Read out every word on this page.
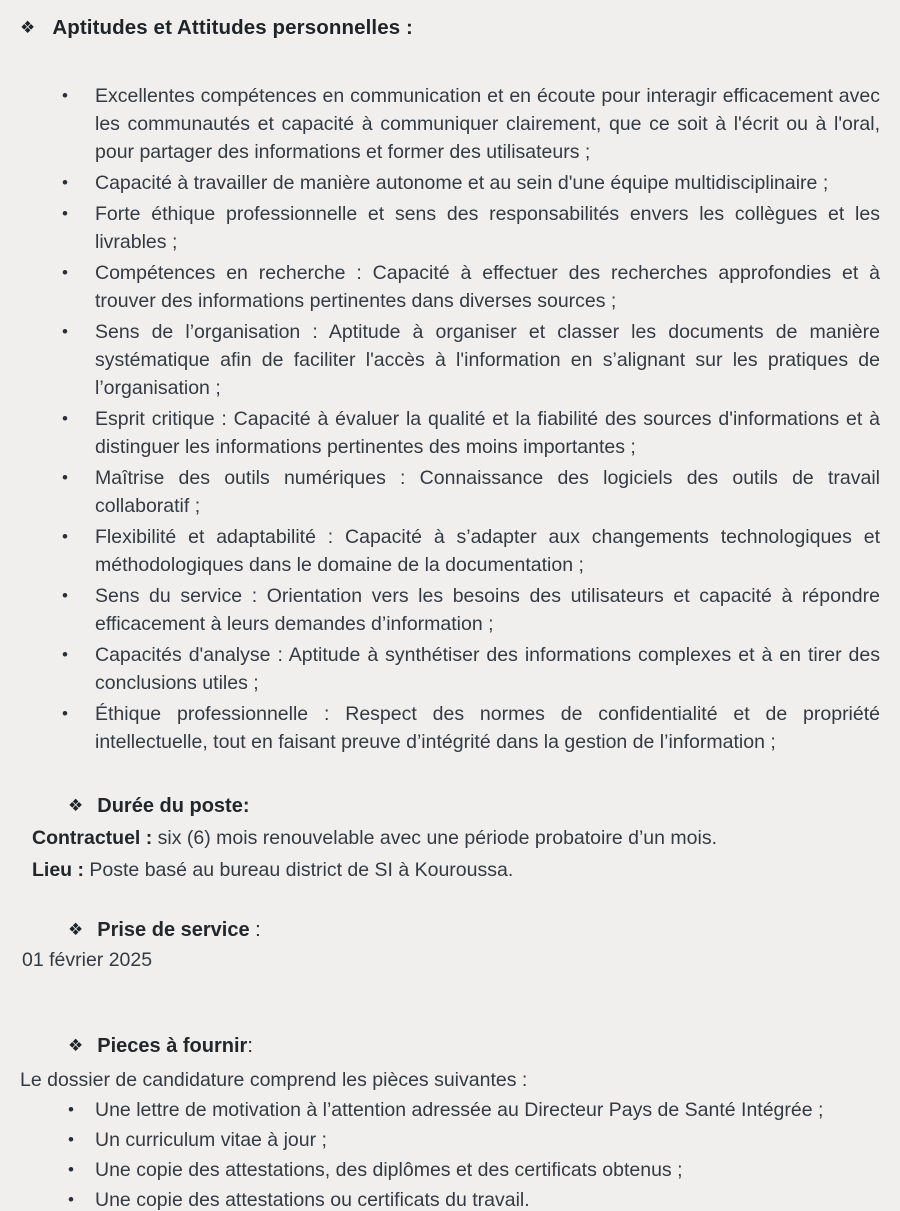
❖ Aptitudes et Attitudes personnelles :
•	Excellentes compétences en communication et en écoute pour interagir efficacement avec les communautés et capacité à communiquer clairement, que ce soit à l'écrit ou à l'oral, pour partager des informations et former des utilisateurs ;
•	Capacité à travailler de manière autonome et au sein d'une équipe multidisciplinaire ;
•	Forte éthique professionnelle et sens des responsabilités envers les collègues et les livrables ;
•	Compétences en recherche : Capacité à effectuer des recherches approfondies et à trouver des informations pertinentes dans diverses sources ;
•	Sens de l’organisation : Aptitude à organiser et classer les documents de manière systématique afin de faciliter l'accès à l'information en s’alignant sur les pratiques de l’organisation ;
•	Esprit critique : Capacité à évaluer la qualité et la fiabilité des sources d'informations et à distinguer les informations pertinentes des moins importantes ;
•	Maîtrise des outils numériques : Connaissance des logiciels des outils de travail collaboratif ;
•	Flexibilité et adaptabilité : Capacité à s’adapter aux changements technologiques et méthodologiques dans le domaine de la documentation ;
•	Sens du service : Orientation vers les besoins des utilisateurs et capacité à répondre efficacement à leurs demandes d’information ;
•	Capacités d'analyse : Aptitude à synthétiser des informations complexes et à en tirer des conclusions utiles ;
•	Éthique professionnelle : Respect des normes de confidentialité et de propriété intellectuelle, tout en faisant preuve d’intégrité dans la gestion de l’information ;
❖ Durée du poste:
Contractuel : six (6) mois renouvelable avec une période probatoire d’un mois.
Lieu : Poste basé au bureau district de SI à Kouroussa.
❖ Prise de service :
01 février 2025
❖ Pieces à fournir:
Le dossier de candidature comprend les pièces suivantes :
•	Une lettre de motivation à l’attention adressée au Directeur Pays de Santé Intégrée ;
•	Un curriculum vitae à jour ;
•	Une copie des attestations, des diplômes et des certificats obtenus ;
•	Une copie des attestations ou certificats du travail.
